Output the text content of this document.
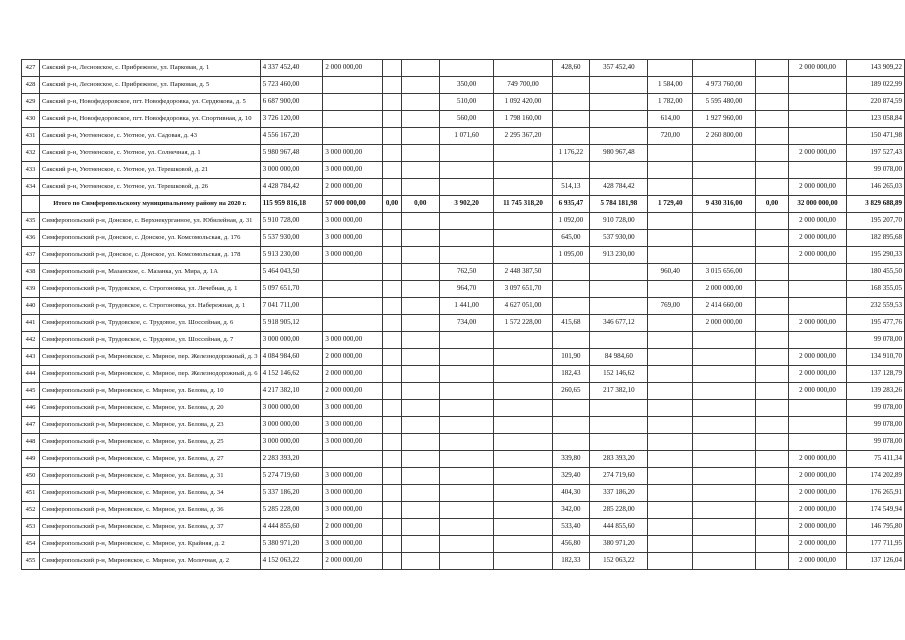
427	Сакский р-н, Лесновское, с. Прибрежное, ул. Парковая, д. 1	4 337 452,40	2 000 000,00					428,60	357 452,40				2 000 000,00	143 909,22
428	Сакский р-н, Лесновское, с. Прибрежное, ул. Парковая, д. 5	5 723 460,00				350,00	749 700,00			1 584,00	4 973 760,00			189 022,99
429	Сакский р-н, Новофедоровское, пгт. Новофедоровка, ул. Сердюкова, д. 5	6 687 900,00				510,00	1 092 420,00			1 782,00	5 595 480,00			220 874,59
430	Сакский р-н, Новофедоровское, пгт. Новофедоровка, ул. Спортивная, д. 10	3 726 120,00				560,00	1 798 160,00			614,00	1 927 960,00			123 058,84
431	Сакский р-н, Уютненское, с. Уютное, ул. Садовая, д. 43	4 556 167,20				1 071,60	2 295 367,20			720,00	2 260 800,00			150 471,98
432	Сакский р-н, Уютненское, с. Уютное, ул. Солнечная, д. 1	5 980 967,48	3 000 000,00					1 176,22	980 967,48				2 000 000,00	197 527,43
433	Сакский р-н, Уютненское, с. Уютное, ул. Терешковой, д. 21	3 000 000,00	3 000 000,00											99 078,00
434	Сакский р-н, Уютненское, с. Уютное, ул. Терешковой, д. 26	4 428 784,42	2 000 000,00					514,13	428 784,42				2 000 000,00	146 265,03
	Итого по Симферопольскому муниципальному району на 2020 г.	115 959 816,18	57 000 000,00	0,00	0,00	3 902,20	11 745 318,20	6 935,47	5 784 181,98	1 729,40	9 430 316,00	0,00	32 000 000,00	3 829 688,89
435	Симферопольский р-н, Донское, с. Верхнекурганное, ул. Юбилейная, д. 31	5 910 728,00	3 000 000,00					1 092,00	910 728,00				2 000 000,00	195 207,70
436	Симферопольский р-н, Донское, с. Донское, ул. Комсомольская, д. 176	5 537 930,00	3 000 000,00					645,00	537 930,00				2 000 000,00	182 895,68
437	Симферопольский р-н, Донское, с. Донское, ул. Комсомольская, д. 178	5 913 230,00	3 000 000,00					1 095,00	913 230,00				2 000 000,00	195 290,33
438	Симферопольский р-н, Мазанское, с. Мазанка, ул. Мира, д. 1А	5 464 043,50				762,50	2 448 387,50			960,40	3 015 656,00			180 455,50
439	Симферопольский р-н, Трудовское, с. Строгоновка, ул. Лечебная, д. 1	5 097 651,70				964,70	3 097 651,70				2 000 000,00			168 355,05
440	Симферопольский р-н, Трудовское, с. Строгоновка, ул. Набережная, д. 1	7 041 711,00				1 441,00	4 627 051,00			769,00	2 414 660,00			232 559,53
441	Симферопольский р-н, Трудовское, с. Трудовое, ул. Шоссейная, д. 6	5 918 905,12				734,00	1 572 228,00	415,68	346 677,12		2 000 000,00		2 000 000,00	195 477,76
442	Симферопольский р-н, Трудовское, с. Трудовое, ул. Шоссейная, д. 7	3 000 000,00	3 000 000,00											99 078,00
443	Симферопольский р-н, Мирновское, с. Мирное, пер. Железнодорожный, д. 3	4 084 984,60	2 000 000,00					101,90	84 984,60				2 000 000,00	134 910,70
444	Симферопольский р-н, Мирновское, с. Мирное, пер. Железнодорожный, д. 6	4 152 146,62	2 000 000,00					182,43	152 146,62				2 000 000,00	137 128,79
445	Симферопольский р-н, Мирновское, с. Мирное, ул. Белова, д. 10	4 217 382,10	2 000 000,00					260,65	217 382,10				2 000 000,00	139 283,26
446	Симферопольский р-н, Мирновское, с. Мирное, ул. Белова, д. 20	3 000 000,00	3 000 000,00											99 078,00
447	Симферопольский р-н, Мирновское, с. Мирное, ул. Белова, д. 23	3 000 000,00	3 000 000,00											99 078,00
448	Симферопольский р-н, Мирновское, с. Мирное, ул. Белова, д. 25	3 000 000,00	3 000 000,00											99 078,00
449	Симферопольский р-н, Мирновское, с. Мирное, ул. Белова, д. 27	2 283 393,20						339,80	283 393,20				2 000 000,00	75 411,34
450	Симферопольский р-н, Мирновское, с. Мирное, ул. Белова, д. 31	5 274 719,60	3 000 000,00					329,40	274 719,60				2 000 000,00	174 202,89
451	Симферопольский р-н, Мирновское, с. Мирное, ул. Белова, д. 34	5 337 186,20	3 000 000,00					404,30	337 186,20				2 000 000,00	176 265,91
452	Симферопольский р-н, Мирновское, с. Мирное, ул. Белова, д. 36	5 285 228,00	3 000 000,00					342,00	285 228,00				2 000 000,00	174 549,94
453	Симферопольский р-н, Мирновское, с. Мирное, ул. Белова, д. 37	4 444 855,60	2 000 000,00					533,40	444 855,60				2 000 000,00	146 795,80
454	Симферопольский р-н, Мирновское, с. Мирное, ул. Крайняя, д. 2	5 380 971,20	3 000 000,00					456,80	380 971,20				2 000 000,00	177 711,95
455	Симферопольский р-н, Мирновское, с. Мирное, ул. Молочная, д. 2	4 152 063,22	2 000 000,00					182,33	152 063,22				2 000 000,00	137 126,04
